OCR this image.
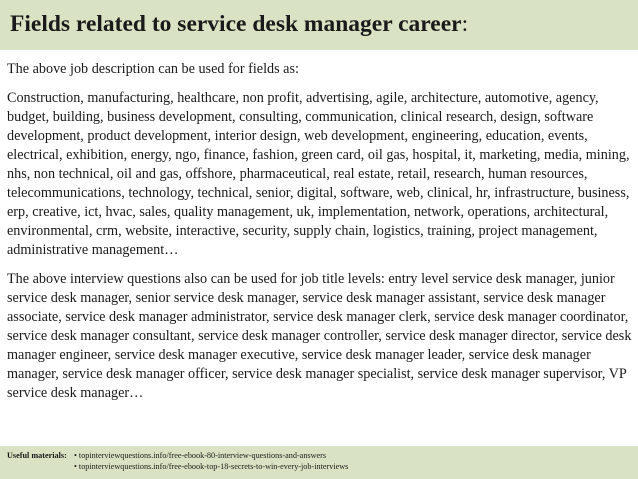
Fields related to service desk manager career:

The above job description can be used for fields as:

Construction, manufacturing, healthcare, non profit, advertising, agile, architecture, automotive, agency, budget, building, business development, consulting, communication, clinical research, design, software development, product development, interior design, web development, engineering, education, events, electrical, exhibition, energy, ngo, finance, fashion, green card, oil gas, hospital, it, marketing, media, mining, nhs, non technical, oil and gas, offshore, pharmaceutical, real estate, retail, research, human resources, telecommunications, technology, technical, senior, digital, software, web, clinical, hr, infrastructure, business, erp, creative, ict, hvac, sales, quality management, uk, implementation, network, operations, architectural, environmental, crm, website, interactive, security, supply chain, logistics, training, project management, administrative management…

The above interview questions also can be used for job title levels: entry level service desk manager, junior service desk manager, senior service desk manager, service desk manager assistant, service desk manager associate, service desk manager administrator, service desk manager clerk, service desk manager coordinator, service desk manager consultant, service desk manager controller, service desk manager director, service desk manager engineer, service desk manager executive, service desk manager leader, service desk manager manager, service desk manager officer, service desk manager specialist, service desk manager supervisor, VP service desk manager…

Useful materials: • topinterviewquestions.info/free-ebook-80-interview-questions-and-answers
• topinterviewquestions.info/free-ebook-top-18-secrets-to-win-every-job-interviews
